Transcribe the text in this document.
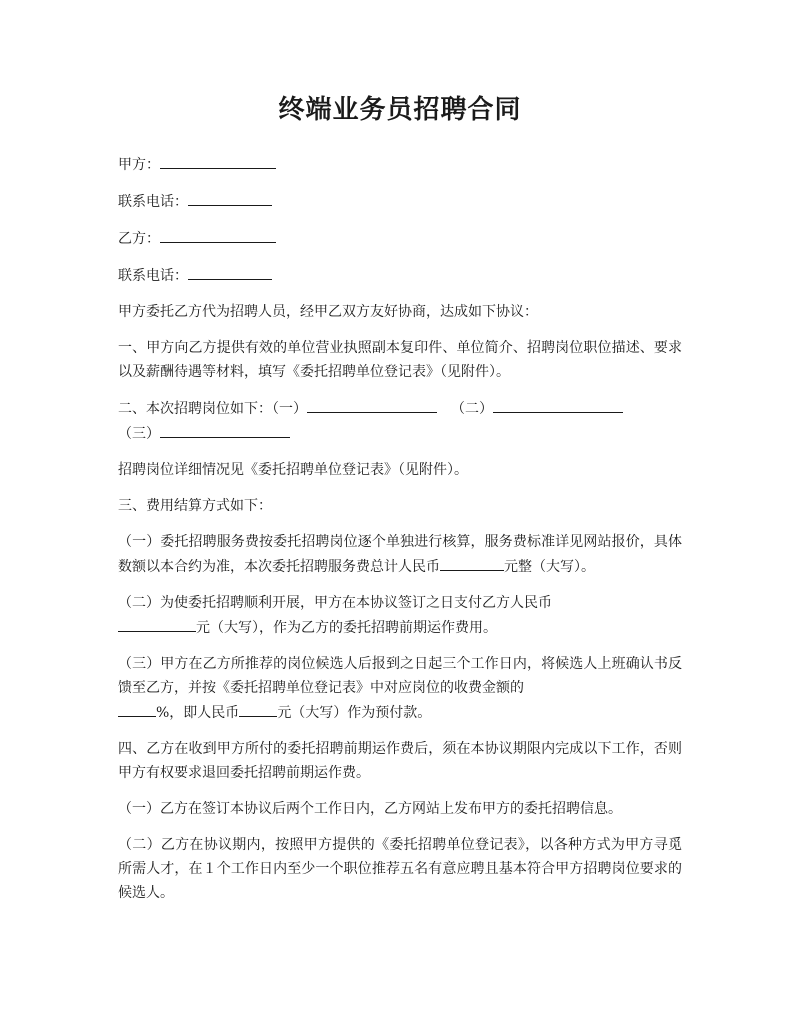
终端业务员招聘合同

甲方：

联系电话：

乙方：

联系电话：

甲方委托乙方代为招聘人员，经甲乙双方友好协商，达成如下协议：

一、甲方向乙方提供有效的单位营业执照副本复印件、单位简介、招聘岗位职位描述、要求以及薪酬待遇等材料，填写《委托招聘单位登记表》（见附件）。

二、本次招聘岗位如下：（一）	（二）
（三）

招聘岗位详细情况见《委托招聘单位登记表》（见附件）。

三、费用结算方式如下：

（一）委托招聘服务费按委托招聘岗位逐个单独进行核算，服务费标准详见网站报价，具体数额以本合约为准，本次委托招聘服务费总计人民币	元整（大写）。

（二）为使委托招聘顺利开展，甲方在本协议签订之日支付乙方人民币
元（大写），作为乙方的委托招聘前期运作费用。

（三）甲方在乙方所推荐的岗位候选人后报到之日起三个工作日内，将候选人上班确认书反馈至乙方，并按《委托招聘单位登记表》中对应岗位的收费金额的
%，即人民币	元（大写）作为预付款。

四、乙方在收到甲方所付的委托招聘前期运作费后，须在本协议期限内完成以下工作，否则甲方有权要求退回委托招聘前期运作费。

（一）乙方在签订本协议后两个工作日内，乙方网站上发布甲方的委托招聘信息。

（二）乙方在协议期内，按照甲方提供的《委托招聘单位登记表》，以各种方式为甲方寻觅所需人才，在１个工作日内至少一个职位推荐五名有意应聘且基本符合甲方招聘岗位要求的候选人。
